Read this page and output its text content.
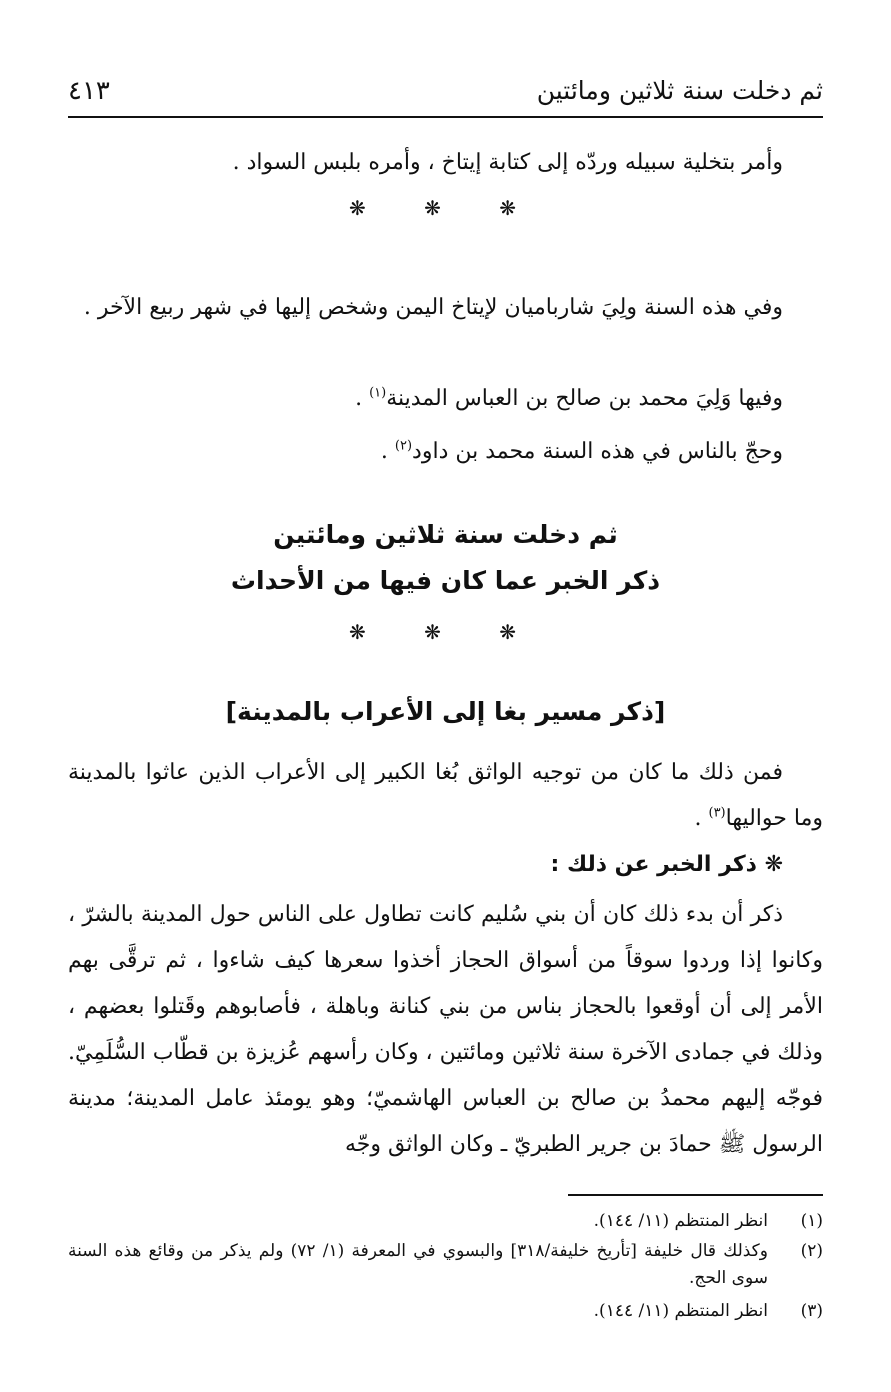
ثم دخلت سنة ثلاثين ومائتين
٤١٣
وأمر بتخلية سبيله وردّه إلى كتابة إيتاخ ، وأمره بلبس السواد .
❋ ❋ ❋
وفي هذه السنة ولِيَ شارباميان لإيتاخ اليمن وشخص إليها في شهر ربيع الآخر .
وفيها وَلِيَ محمد بن صالح بن العباس المدينة$^{(١)}$ .
وحجّ بالناس في هذه السنة محمد بن داود$^{(٢)}$ .
ثم دخلت سنة ثلاثين ومائتين
ذكر الخبر عما كان فيها من الأحداث
❋ ❋ ❋
[ذكر مسير بغا إلى الأعراب بالمدينة]
فمن ذلك ما كان من توجيه الواثق بُغا الكبير إلى الأعراب الذين عاثوا بالمدينة وما حواليها$^{(٣)}$ .
❋ ذكر الخبر عن ذلك :
ذكر أن بدء ذلك كان أن بني سُليم كانت تطاول على الناس حول المدينة بالشرّ ، وكانوا إذا وردوا سوقاً من أسواق الحجاز أخذوا سعرها كيف شاءوا ، ثم ترقَّى بهم الأمر إلى أن أوقعوا بالحجاز بناس من بني كنانة وباهلة ، فأصابوهم وقَتلوا بعضهم ، وذلك في جمادى الآخرة سنة ثلاثين ومائتين ، وكان رأسهم عُزيزة بن قطّاب السُّلَمِيّ. فوجّه إليهم محمدُ بن صالح بن العباس الهاشميّ؛ وهو يومئذ عامل المدينة؛ مدينة الرسول ﷺ حمادَ بن جرير الطبريّ ـ وكان الواثق وجّه
(١)
انظر المنتظم (١١/ ١٤٤).
(٢)
وكذلك قال خليفة [تأريخ خليفة/٣١٨] والبسوي في المعرفة (١/ ٧٢) ولم يذكر من وقائع هذه السنة سوى الحج.
(٣)
انظر المنتظم (١١/ ١٤٤).
